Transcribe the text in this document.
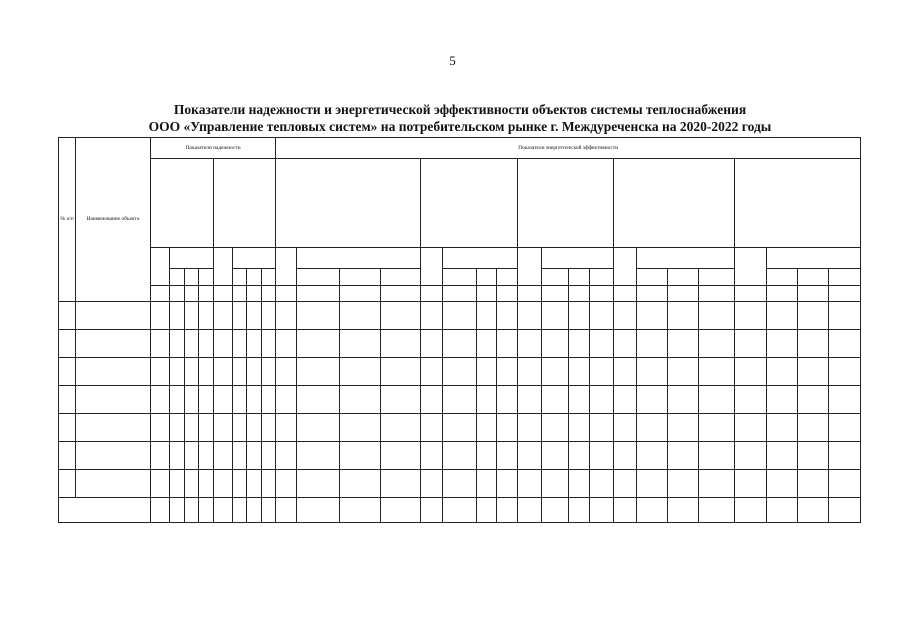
5
Показатели надежности и энергетической эффективности объектов системы теплоснабжения
ООО «Управление тепловых систем» на потребительском рынке г. Междуреченска на 2020-2022 годы
№ п/п	Наименование объекта	Показатели надежности								Показатели энергетической эффективности																			
